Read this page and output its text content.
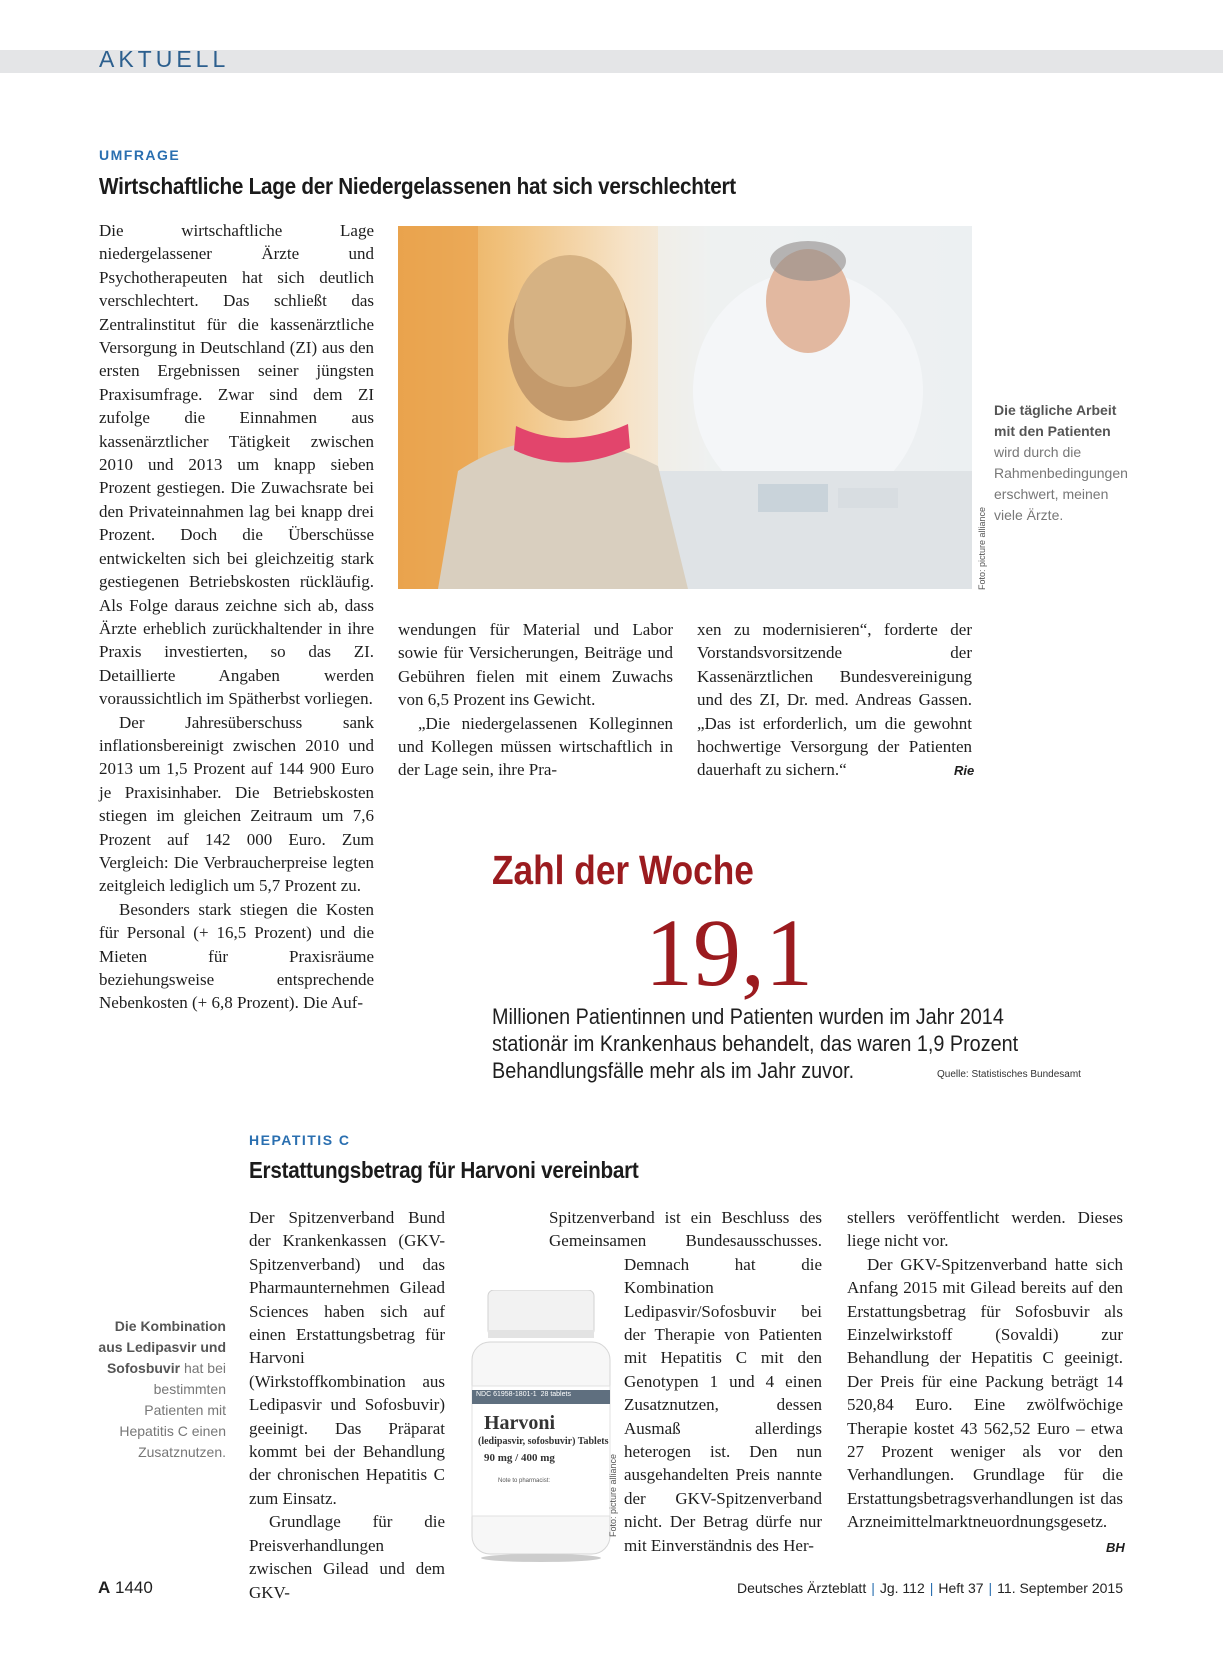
AKTUELL
UMFRAGE
Wirtschaftliche Lage der Niedergelassenen hat sich verschlechtert

Die wirtschaftliche Lage niedergelassener Ärzte und Psychotherapeuten hat sich deutlich verschlechtert. Das schließt das Zentralinstitut für die kassenärztliche Versorgung in Deutschland (ZI) aus den ersten Ergebnissen seiner jüngsten Praxisumfrage. Zwar sind dem ZI zufolge die Einnahmen aus kassenärztlicher Tätigkeit zwischen 2010 und 2013 um knapp sieben Prozent gestiegen. Die Zuwachsrate bei den Privateinnahmen lag bei knapp drei Prozent. Doch die Überschüsse entwickelten sich bei gleichzeitig stark gestiegenen Betriebskosten rückläufig. Als Folge daraus zeichne sich ab, dass Ärzte erheblich zurückhaltender in ihre Praxis investierten, so das ZI. Detaillierte Angaben werden voraussichtlich im Spätherbst vorliegen.

Der Jahresüberschuss sank inflationsbereinigt zwischen 2010 und 2013 um 1,5 Prozent auf 144 900 Euro je Praxisinhaber. Die Betriebskosten stiegen im gleichen Zeitraum um 7,6 Prozent auf 142 000 Euro. Zum Vergleich: Die Verbraucherpreise legten zeitgleich lediglich um 5,7 Prozent zu.

Besonders stark stiegen die Kosten für Personal (+ 16,5 Prozent) und die Mieten für Praxisräume beziehungsweise entsprechende Nebenkosten (+ 6,8 Prozent). Die Auf-

Foto: picture alliance
Die tägliche Arbeit mit den Patienten wird durch die Rahmenbedingungen erschwert, meinen viele Ärzte.

wendungen für Material und Labor sowie für Versicherungen, Beiträge und Gebühren fielen mit einem Zuwachs von 6,5 Prozent ins Gewicht.

„Die niedergelassenen Kolleginnen und Kollegen müssen wirtschaftlich in der Lage sein, ihre Pra-

xen zu modernisieren“, forderte der Vorstandsvorsitzende der Kassenärztlichen Bundesvereinigung und des ZI, Dr. med. Andreas Gassen. „Das ist erforderlich, um die gewohnt hochwertige Versorgung der Patienten dauerhaft zu sichern.“	Rie
Zahl der Woche
19,1
Millionen Patientinnen und Patienten wurden im Jahr 2014 stationär im Krankenhaus behandelt, das waren 1,9 Prozent Behandlungsfälle mehr als im Jahr zuvor.	Quelle: Statistisches Bundesamt
HEPATITIS C
Erstattungsbetrag für Harvoni vereinbart
Die Kombination aus Ledipasvir und Sofosbuvir hat bei bestimmten Patienten mit Hepatitis C einen Zusatznutzen.

Der Spitzenverband Bund der Krankenkassen (GKV-Spitzenverband) und das Pharmaunternehmen Gilead Sciences haben sich auf einen Erstattungsbetrag für Harvoni (Wirkstoffkombination aus Ledipasvir und Sofosbuvir) geeinigt. Das Präparat kommt bei der Behandlung der chronischen Hepatitis C zum Einsatz.

Grundlage für die Preisverhandlungen zwischen Gilead und dem GKV-

NDC 61958-1801-1 28 tablets
Harvoni
(ledipasvir, sofosbuvir) Tablets
90 mg / 400 mg
Note to pharmacist:	Foto: picture alliance

Spitzenverband ist ein Beschluss des Gemeinsamen Bundesausschusses. Demnach hat die Kombination Ledipasvir/Sofosbuvir bei der Therapie von Patienten mit Hepatitis C mit den Genotypen 1 und 4 einen Zusatznutzen, dessen Ausmaß allerdings heterogen ist. Den nun ausgehandelten Preis nannte der GKV-Spitzenverband nicht. Der Betrag dürfe nur mit Einverständnis des Her-

stellers veröffentlicht werden. Dieses liege nicht vor.

Der GKV-Spitzenverband hatte sich Anfang 2015 mit Gilead bereits auf den Erstattungsbetrag für Sofosbuvir als Einzelwirkstoff (Sovaldi) zur Behandlung der Hepatitis C geeinigt. Der Preis für eine Packung beträgt 14 520,84 Euro. Eine zwölfwöchige Therapie kostet 43 562,52 Euro – etwa 27 Prozent weniger als vor den Verhandlungen. Grundlage für die Erstattungsbetragsverhandlungen ist das Arzneimittelmarktneuordnungsgesetz.

BH
A 1440	Deutsches Ärzteblatt | Jg. 112 | Heft 37 | 11. September 2015
